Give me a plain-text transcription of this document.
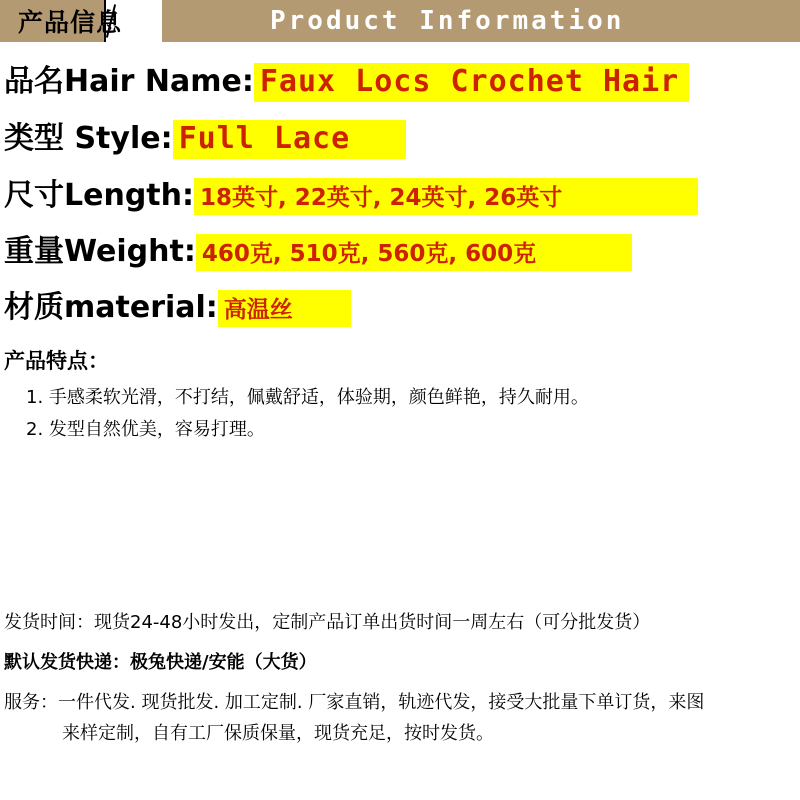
Product Information
产品信息
品名Hair Name: Faux Locs Crochet Hair
类型 Style: Full Lace
尺寸Length: 18英寸, 22英寸, 24英寸, 26英寸
重量Weight: 460克, 510克, 560克, 600克
材质material: 高温丝
产品特点：
1. 手感柔软光滑，不打结，佩戴舒适，体验期，颜色鲜艳，持久耐用。
2. 发型自然优美，容易打理。
发货时间：现货24-48小时发出，定制产品订单出货时间一周左右（可分批发货）
默认发货快递：极兔快递/安能（大货）
服务：一件代发. 现货批发. 加工定制. 厂家直销，轨迹代发，接受大批量下单订货，来图
来样定制，自有工厂保质保量，现货充足，按时发货。
